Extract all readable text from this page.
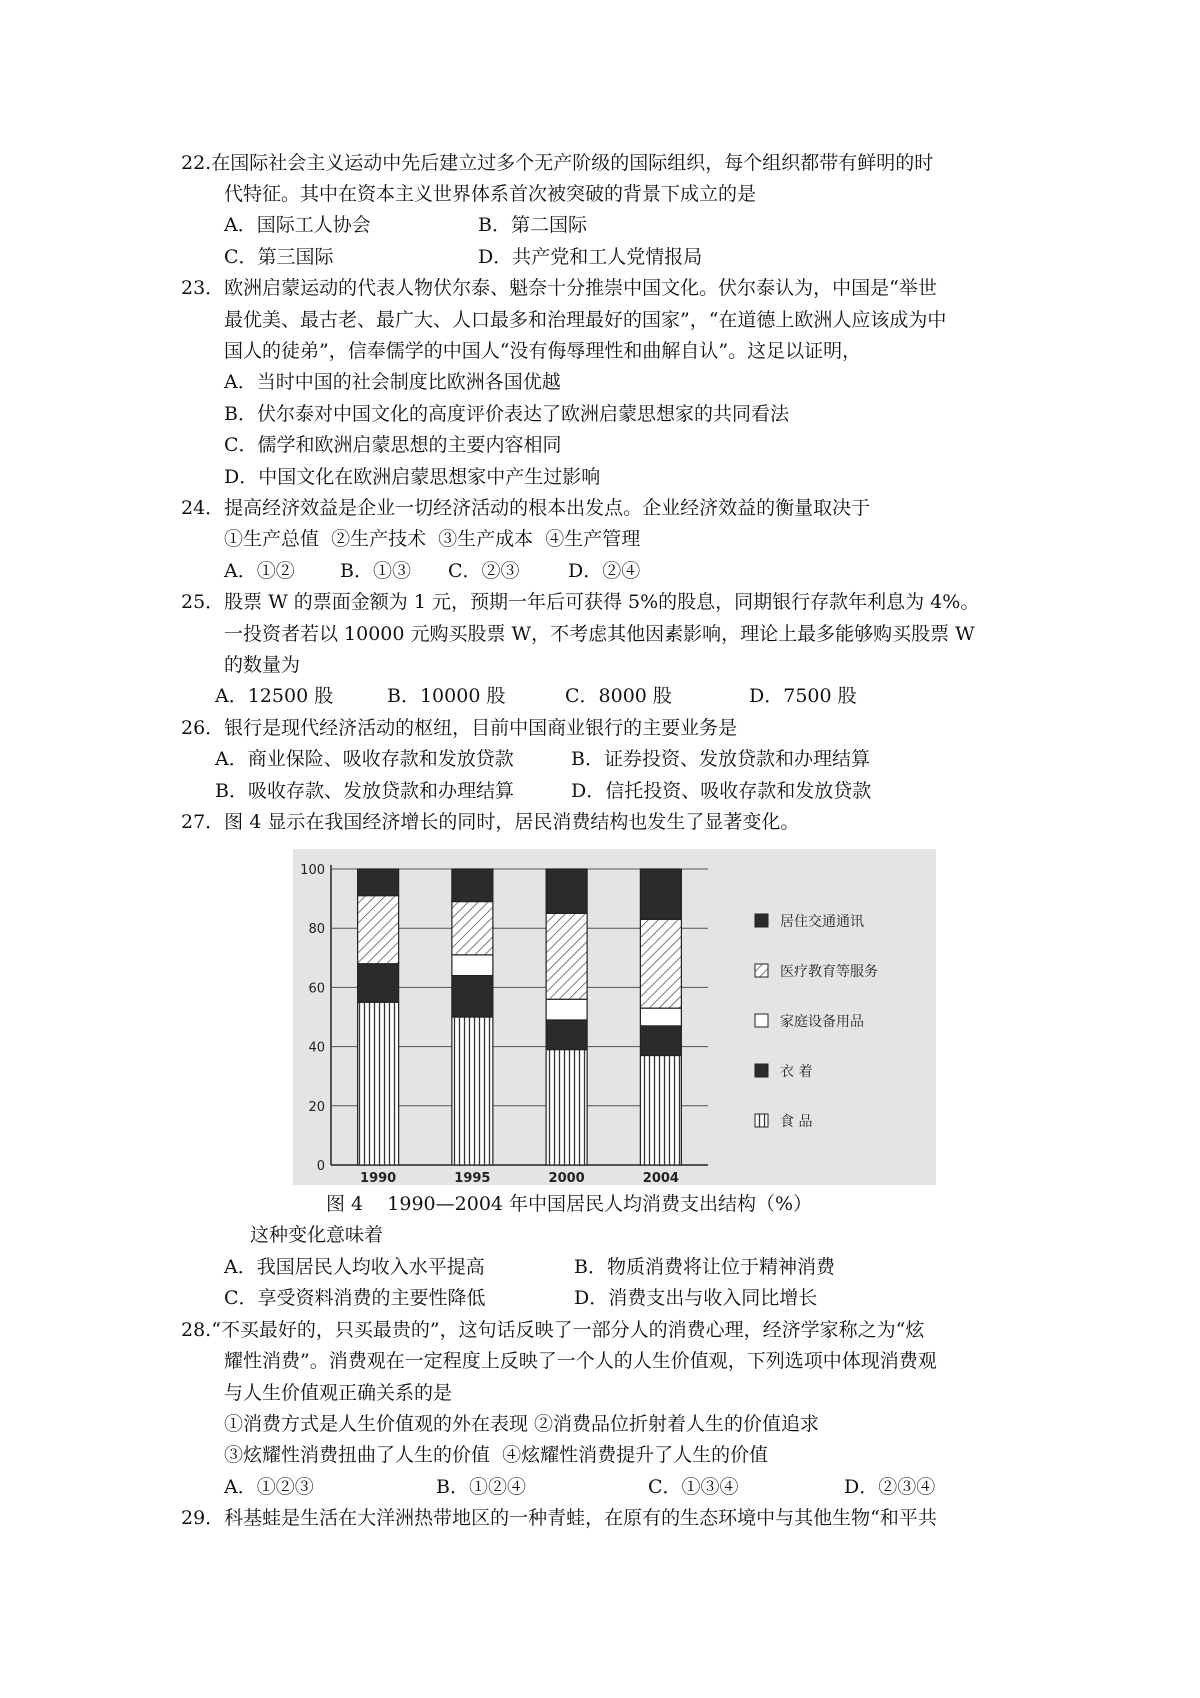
22.在国际社会主义运动中先后建立过多个无产阶级的国际组织，每个组织都带有鲜明的时
代特征。其中在资本主义世界体系首次被突破的背景下成立的是
A．国际工人协会	B．第二国际
C．第三国际	D．共产党和工人党情报局
23．欧洲启蒙运动的代表人物伏尔泰、魁奈十分推崇中国文化。伏尔泰认为，中国是“举世
最优美、最古老、最广大、人口最多和治理最好的国家”，“在道德上欧洲人应该成为中
国人的徒弟”，信奉儒学的中国人“没有侮辱理性和曲解自认”。这足以证明，
A．当时中国的社会制度比欧洲各国优越
B．伏尔泰对中国文化的高度评价表达了欧洲启蒙思想家的共同看法
C．儒学和欧洲启蒙思想的主要内容相同
D．中国文化在欧洲启蒙思想家中产生过影响
24．提高经济效益是企业一切经济活动的根本出发点。企业经济效益的衡量取决于
①生产总值  ②生产技术  ③生产成本  ④生产管理
A．①② B．①③ C．②③	D．②④
25．股票 W 的票面金额为 1 元，预期一年后可获得 5%的股息，同期银行存款年利息为 4%。
一投资者若以 10000 元购买股票 W，不考虑其他因素影响，理论上最多能够购买股票 W
的数量为
A．12500 股	B．10000 股	C．8000 股	D．7500 股
26．银行是现代经济活动的枢纽，目前中国商业银行的主要业务是
A．商业保险、吸收存款和发放贷款	B．证券投资、发放贷款和办理结算
B．吸收存款、发放贷款和办理结算	D．信托投资、吸收存款和发放贷款
27．图 4 显示在我国经济增长的同时，居民消费结构也发生了显著变化。
0
20
40
60
80
100
1990	1995	2000	2004
居住交通通讯
医疗教育等服务
家庭设备用品
衣 着
食 品
图 4    1990—2004 年中国居民人均消费支出结构（%）
这种变化意味着
A．我国居民人均收入水平提高	B．物质消费将让位于精神消费
C．享受资料消费的主要性降低	D．消费支出与收入同比增长
28.“不买最好的，只买最贵的”，这句话反映了一部分人的消费心理，经济学家称之为“炫
耀性消费”。消费观在一定程度上反映了一个人的人生价值观，下列选项中体现消费观
与人生价值观正确关系的是
①消费方式是人生价值观的外在表现 ②消费品位折射着人生的价值追求
③炫耀性消费扭曲了人生的价值  ④炫耀性消费提升了人生的价值
A．①②③	B．①②④	C．①③④	D．②③④
29．科基蛙是生活在大洋洲热带地区的一种青蛙，在原有的生态环境中与其他生物“和平共
